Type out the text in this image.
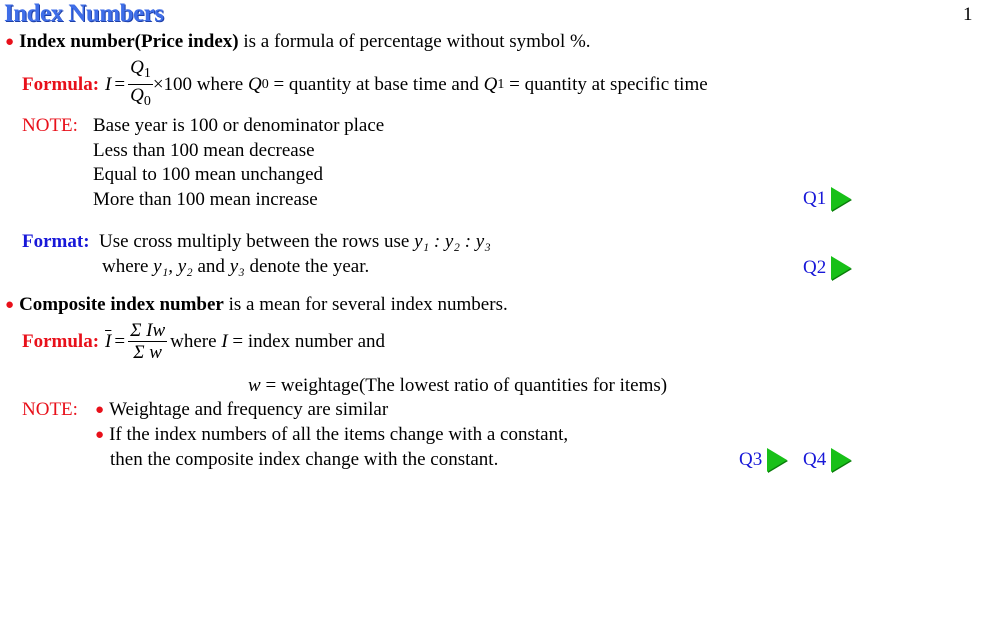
Index Numbers	1
● Index number(Price index) is a formula of percentage without symbol %.
Formula: $I = \frac{Q_1}{Q_0} \times 100$ where
Q 0 = quantity at base time and Q 1 = quantity at specific time
NOTE: Base year is 100 or denominator place
Less than 100 mean decrease
Equal to 100 mean unchanged
More than 100 mean increase	Q1
Format: Use cross multiply between the rows use y₁ : y₂ : y₃
where y₁, y₂ and y₃ denote the year.	Q2
● Composite index number is a mean for several index numbers.
Formula: $\overline{I} = \frac{\text{Σ Iw}}{\text{Σ w}}$ where I = index number and
w = weightage(The lowest ratio of quantities for items)
NOTE: ● Weightage and frequency are similar
● If the index numbers of all the items change with a constant,
then the composite index change with the constant.	Q3 Q4
